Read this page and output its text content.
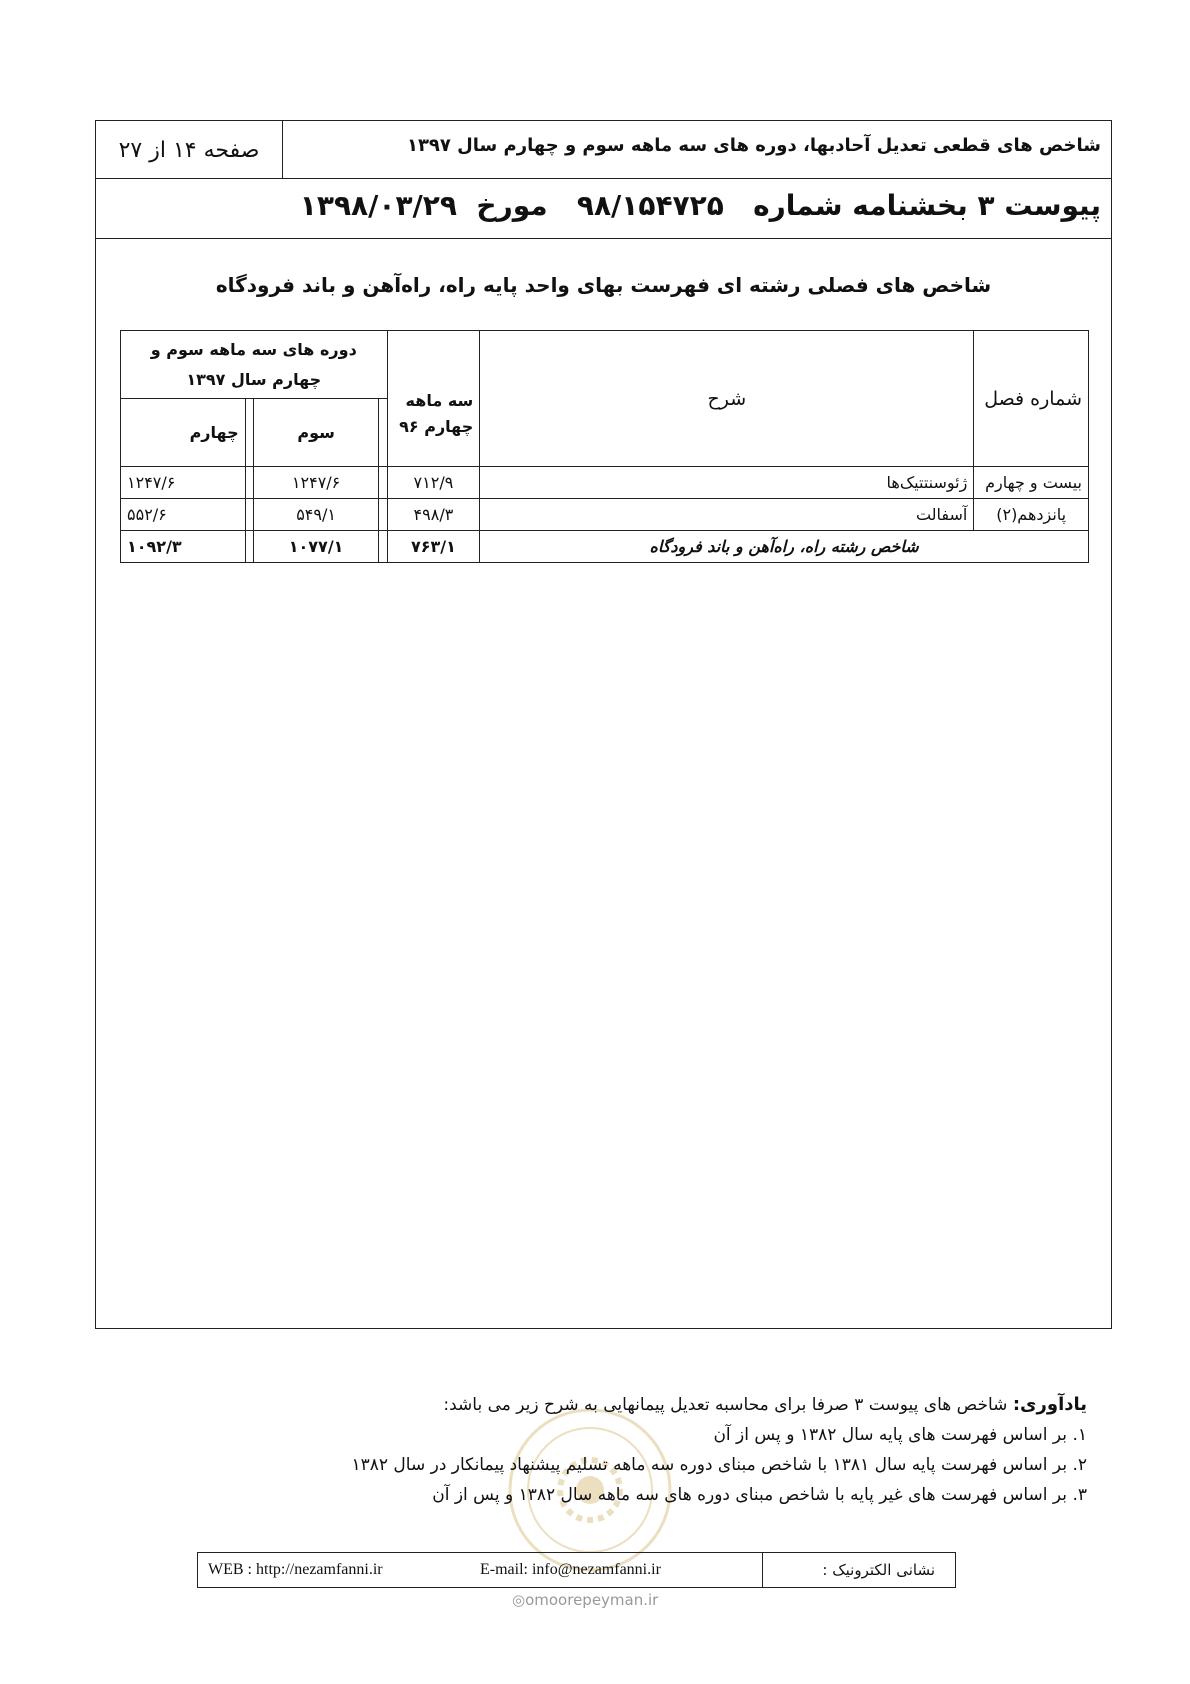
شاخص های قطعی تعدیل آحادبها، دوره های سه ماهه سوم و چهارم سال ۱۳۹۷
صفحه ۱۴ از ۲۷
پیوست ۳ بخشنامه شماره   ۹۸/۱۵۴۷۲۵   مورخ  ۱۳۹۸/۰۳/۲۹
شاخص های فصلی رشته ای فهرست بهای واحد پایه راه، راه‌آهن و باند فرودگاه
شماره فصل	شرح	سه ماهه چهارم ۹۶	دوره های سه ماهه سوم و چهارم سال ۱۳۹۷			
				سوم		چهارم
بیست و چهارم	ژئوسنتتیک‌ها	۷۱۲/۹		۱۲۴۷/۶		۱۲۴۷/۶
پانزدهم(۲)	آسفالت	۴۹۸/۳		۵۴۹/۱		۵۵۲/۶
شاخص رشته راه، راه‌آهن و باند فرودگاه		۷۶۳/۱		۱۰۷۷/۱		۱۰۹۲/۳
یادآوری: شاخص های پیوست ۳ صرفا برای محاسبه تعدیل پیمانهایی به شرح زیر می باشد:
۱. بر اساس فهرست های پایه سال ۱۳۸۲ و پس از آن
۲. بر اساس فهرست پایه سال ۱۳۸۱ با شاخص مبنای دوره سه ماهه تسلیم پیشنهاد پیمانکار در سال ۱۳۸۲
۳. بر اساس فهرست های غیر پایه با شاخص مبنای دوره های سه ماهه سال ۱۳۸۲ و پس از آن
WEB : http://nezamfanni.ir	E-mail: info@nezamfanni.ir	نشانی الکترونیک :
◎omoorepeyman.ir
